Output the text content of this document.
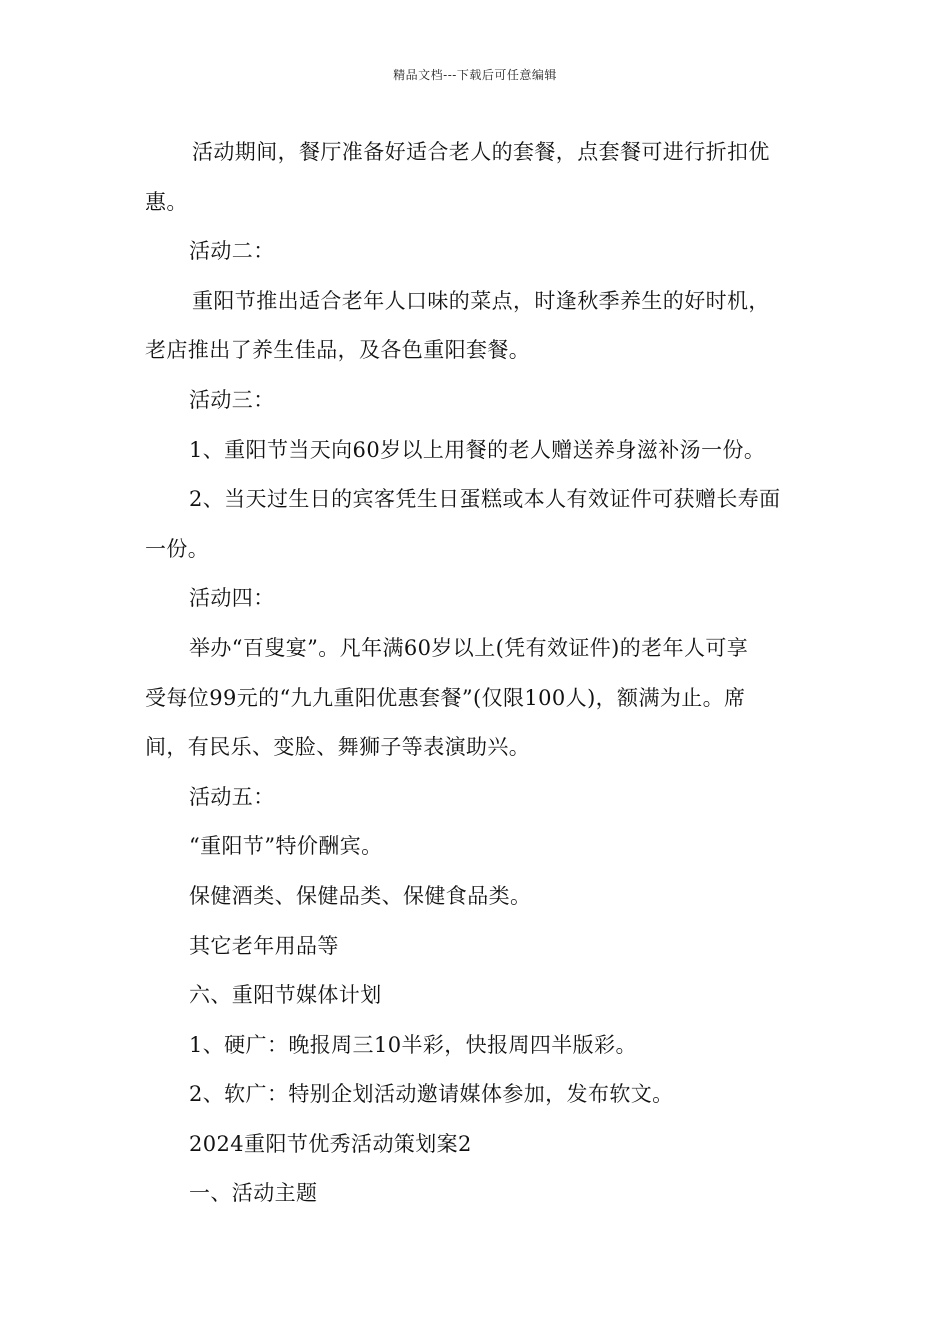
精品文档---下载后可任意编辑
活动期间，餐厅准备好适合老人的套餐，点套餐可进行折扣优
惠。
活动二：
重阳节推出适合老年人口味的菜点，时逢秋季养生的好时机，
老店推出了养生佳品，及各色重阳套餐。
活动三：
1、重阳节当天向60岁以上用餐的老人赠送养身滋补汤一份。
2、当天过生日的宾客凭生日蛋糕或本人有效证件可获赠长寿面
一份。
活动四：
举办“百叟宴”。凡年满60岁以上(凭有效证件)的老年人可享
受每位99元的“九九重阳优惠套餐”(仅限100人)，额满为止。席
间，有民乐、变脸、舞狮子等表演助兴。
活动五：
“重阳节”特价酬宾。
保健酒类、保健品类、保健食品类。
其它老年用品等
六、重阳节媒体计划
1、硬广：晚报周三10半彩，快报周四半版彩。
2、软广：特别企划活动邀请媒体参加，发布软文。
2024重阳节优秀活动策划案2
一、活动主题
